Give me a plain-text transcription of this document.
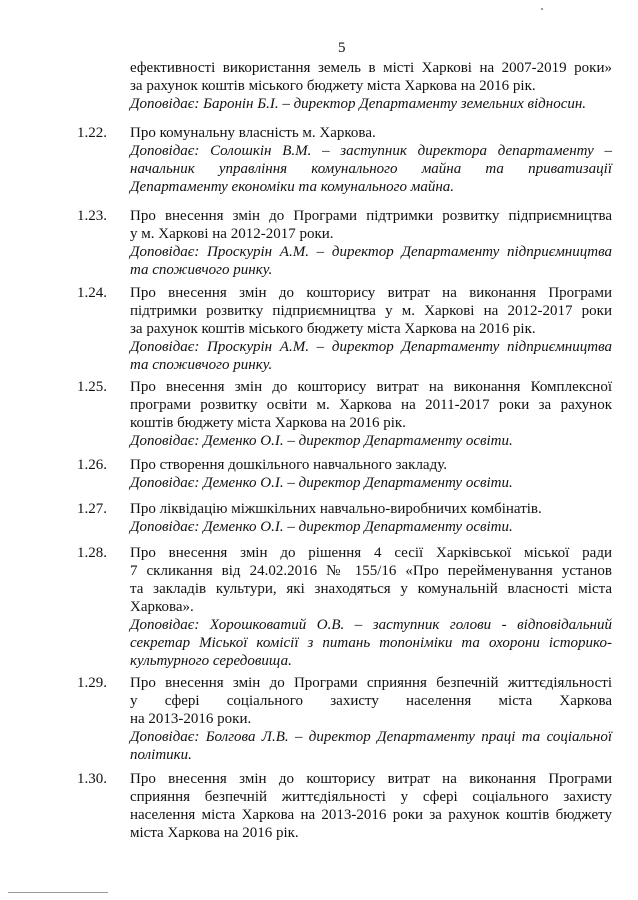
5
ефективності використання земель в місті Харкові на 2007-2019 роки»
за рахунок коштів міського бюджету міста Харкова на 2016 рік.
Доповідає: Баронін Б.І. – директор Департаменту земельних відносин.
1.22. Про комунальну власність м. Харкова.
Доповідає: Солошкін В.М. – заступник директора департаменту –
начальник управління комунального майна та приватизації
Департаменту економіки та комунального майна.
1.23. Про внесення змін до Програми підтримки розвитку підприємництва
у м. Харкові на 2012-2017 роки.
Доповідає: Проскурін А.М. – директор Департаменту підприємництва
та споживчого ринку.
1.24. Про внесення змін до кошторису витрат на виконання Програми
підтримки розвитку підприємництва у м. Харкові на 2012-2017 роки
за рахунок коштів міського бюджету міста Харкова на 2016 рік.
Доповідає: Проскурін А.М. – директор Департаменту підприємництва
та споживчого ринку.
1.25. Про внесення змін до кошторису витрат на виконання Комплексної
програми розвитку освіти м. Харкова на 2011-2017 роки за рахунок
коштів бюджету міста Харкова на 2016 рік.
Доповідає: Деменко О.І. – директор Департаменту освіти.
1.26. Про створення дошкільного навчального закладу.
Доповідає: Деменко О.І. – директор Департаменту освіти.
1.27. Про ліквідацію міжшкільних навчально-виробничих комбінатів.
Доповідає: Деменко О.І. – директор Департаменту освіти.
1.28. Про внесення змін до рішення 4 сесії Харківської міської ради
7 скликання від 24.02.2016 № 155/16 «Про перейменування установ
та закладів культури, які знаходяться у комунальній власності міста
Харкова».
Доповідає: Хорошковатий О.В. – заступник голови - відповідальний
секретар Міської комісії з питань топоніміки та охорони історико-
культурного середовища.
1.29. Про внесення змін до Програми сприяння безпечній життєдіяльності
у сфері соціального захисту населення міста Харкова
на 2013-2016 роки.
Доповідає: Болгова Л.В. – директор Департаменту праці та соціальної
політики.
1.30. Про внесення змін до кошторису витрат на виконання Програми
сприяння безпечній життєдіяльності у сфері соціального захисту
населення міста Харкова на 2013-2016 роки за рахунок коштів бюджету
міста Харкова на 2016 рік.
